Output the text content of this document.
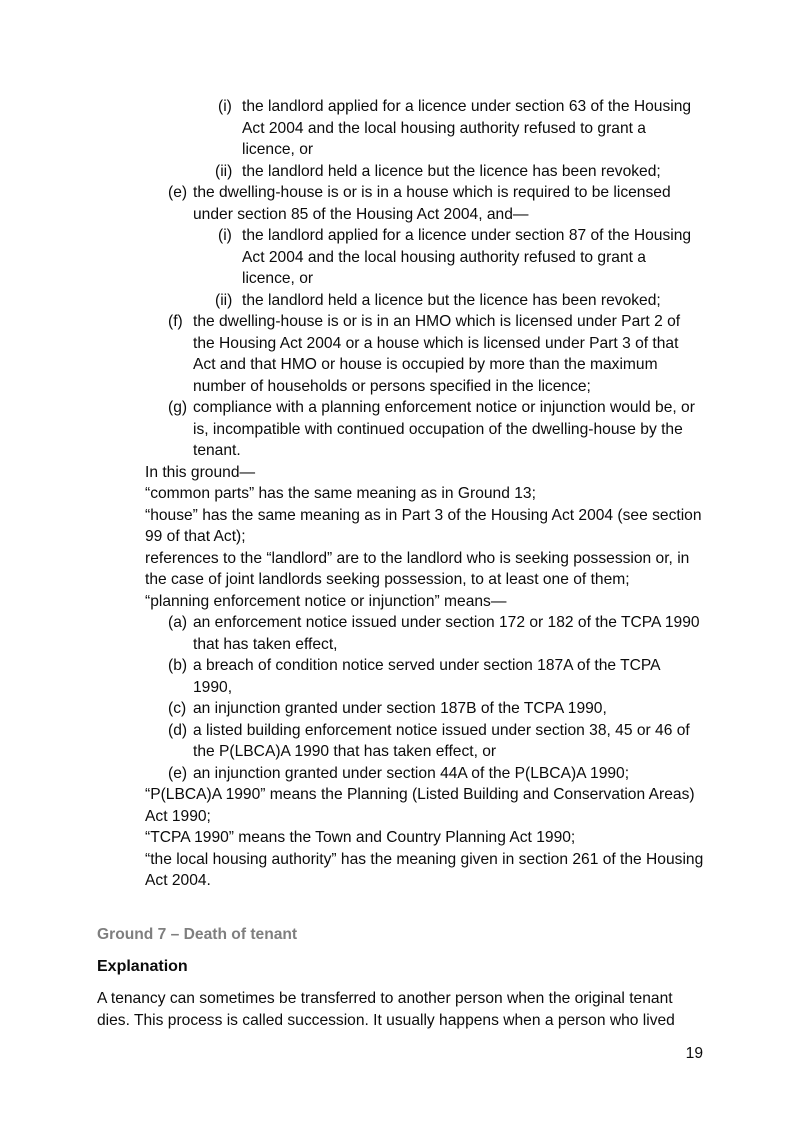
(i) the landlord applied for a licence under section 63 of the Housing Act 2004 and the local housing authority refused to grant a licence, or
(ii) the landlord held a licence but the licence has been revoked;
(e) the dwelling-house is or is in a house which is required to be licensed under section 85 of the Housing Act 2004, and—
(i) the landlord applied for a licence under section 87 of the Housing Act 2004 and the local housing authority refused to grant a licence, or
(ii) the landlord held a licence but the licence has been revoked;
(f) the dwelling-house is or is in an HMO which is licensed under Part 2 of the Housing Act 2004 or a house which is licensed under Part 3 of that Act and that HMO or house is occupied by more than the maximum number of households or persons specified in the licence;
(g) compliance with a planning enforcement notice or injunction would be, or is, incompatible with continued occupation of the dwelling-house by the tenant.
In this ground—
“common parts” has the same meaning as in Ground 13;
“house” has the same meaning as in Part 3 of the Housing Act 2004 (see section 99 of that Act);
references to the “landlord” are to the landlord who is seeking possession or, in the case of joint landlords seeking possession, to at least one of them;
“planning enforcement notice or injunction” means—
(a) an enforcement notice issued under section 172 or 182 of the TCPA 1990 that has taken effect,
(b) a breach of condition notice served under section 187A of the TCPA 1990,
(c) an injunction granted under section 187B of the TCPA 1990,
(d) a listed building enforcement notice issued under section 38, 45 or 46 of the P(LBCA)A 1990 that has taken effect, or
(e) an injunction granted under section 44A of the P(LBCA)A 1990;
“P(LBCA)A 1990” means the Planning (Listed Building and Conservation Areas) Act 1990;
“TCPA 1990” means the Town and Country Planning Act 1990;
“the local housing authority” has the meaning given in section 261 of the Housing Act 2004.
Ground 7 – Death of tenant
Explanation
A tenancy can sometimes be transferred to another person when the original tenant dies. This process is called succession. It usually happens when a person who lived
19
